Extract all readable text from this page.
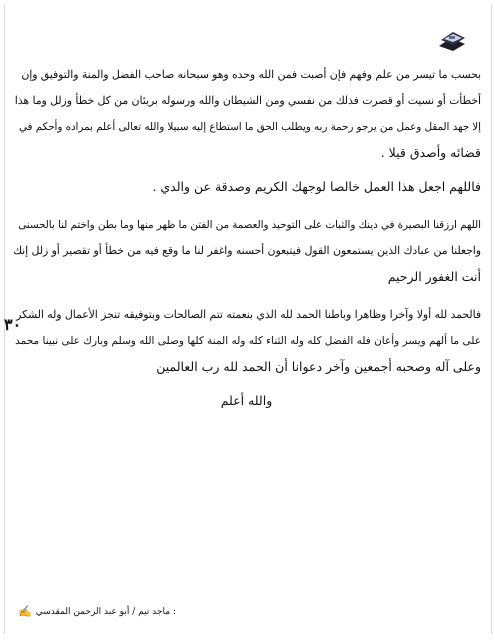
بحسب ما تيسر من علم وفهم فإن أصبت فمن الله وحده وهو سبحانه صاحب الفضل والمنة والتوفيق وإن
أخطأت أو نسيت أو قصرت فذلك من نفسي ومن الشيطان والله ورسوله بريئان من كل خطأ وزلل وما هذا
إلا جهد المقل وعمل من يرجو رحمة ربه ويطلب الحق ما استطاع إليه سبيلا والله تعالى أعلم بمراده وأحكم في
قضائه وأصدق قيلا .

فاللهم اجعل هذا العمل خالصا لوجهك الكريم وصدقة عن والدي .

اللهم ارزقنا البصيرة في دينك والثبات على التوحيد والعصمة من الفتن ما ظهر منها وما بطن واختم لنا بالحسنى
واجعلنا من عبادك الذين يستمعون القول فيتبعون أحسنه واغفر لنا ما وقع فيه من خطأ أو تقصير أو زلل إنك
أنت الغفور الرحيم

فالحمد لله أولا وآخرا وظاهرا وباطنا الحمد لله الذي بنعمته تتم الصالحات وبتوفيقه تنجز الأعمال وله الشكر
على ما ألهم ويسر وأعان فله الفضل كله وله الثناء كله وله المنة كلها وصلى الله وسلم وبارك على نبينا محمد
وعلى آله وصحبه أجمعين وآخر دعوانا أن الحمد لله رب العالمين

والله أعلم

٣٠
: ماجد تيم / أبو عبد الرحمن المقدسي
✍
